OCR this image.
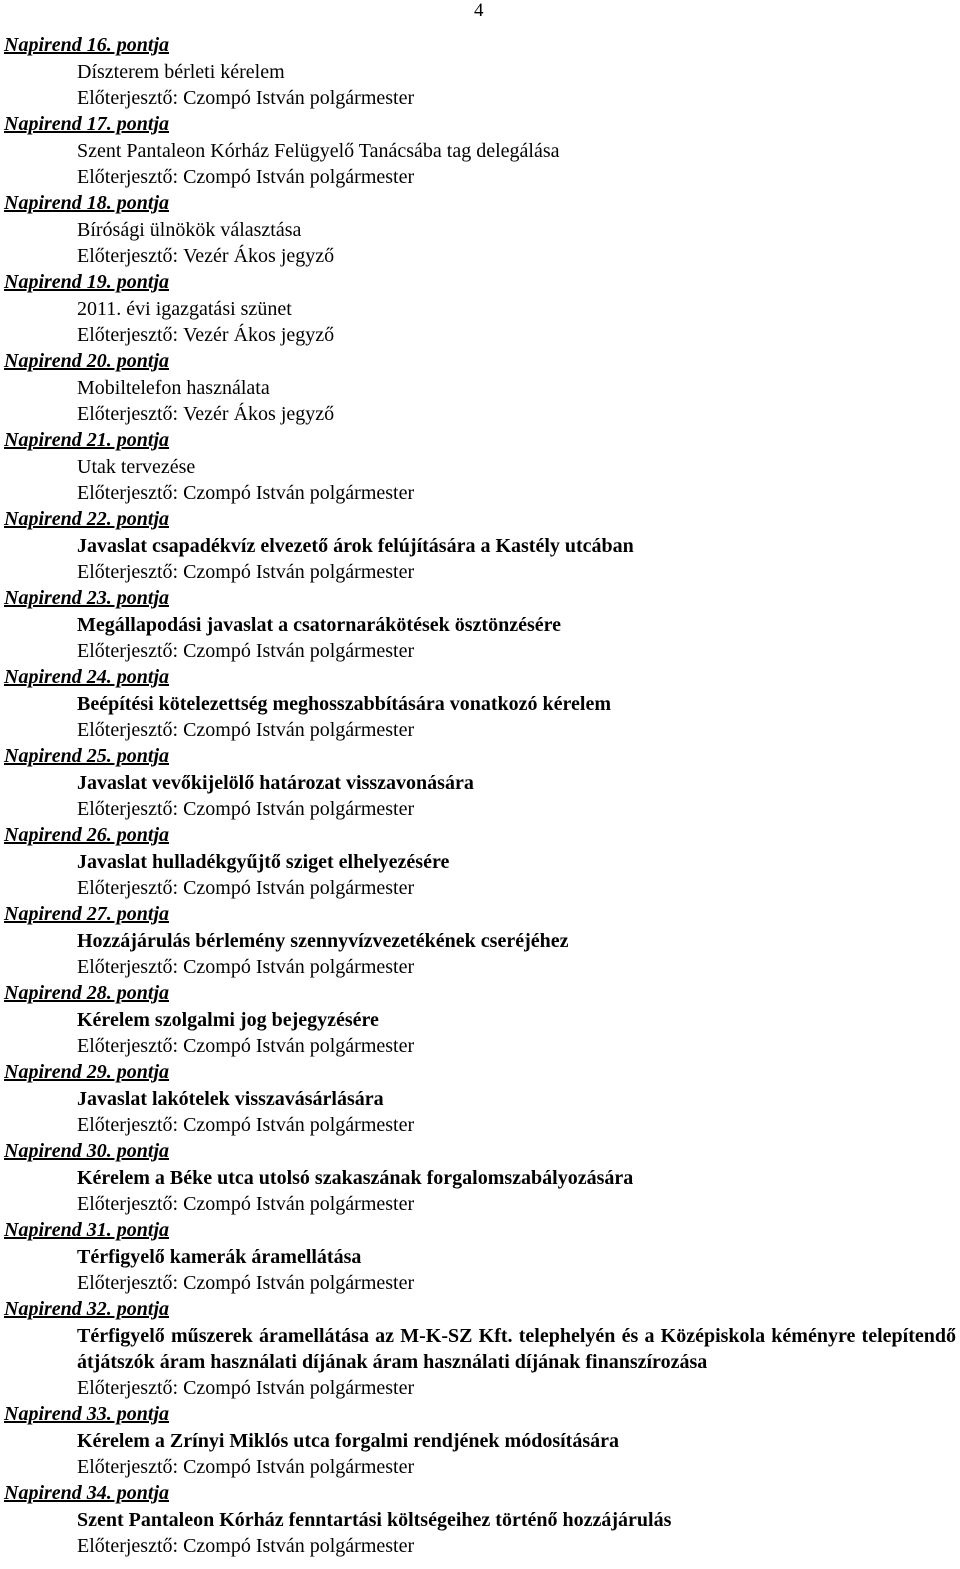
4
Napirend 16. pontja
Díszterem bérleti kérelem
Előterjesztő: Czompó István polgármester
Napirend 17. pontja
Szent Pantaleon Kórház Felügyelő Tanácsába tag delegálása
Előterjesztő: Czompó István polgármester
Napirend 18. pontja
Bírósági ülnökök választása
Előterjesztő: Vezér Ákos jegyző
Napirend 19. pontja
2011. évi igazgatási szünet
Előterjesztő: Vezér Ákos jegyző
Napirend 20. pontja
Mobiltelefon használata
Előterjesztő: Vezér Ákos jegyző
Napirend 21. pontja
Utak tervezése
Előterjesztő: Czompó István polgármester
Napirend 22. pontja
Javaslat csapadékvíz elvezető árok felújítására a Kastély utcában
Előterjesztő: Czompó István polgármester
Napirend 23. pontja
Megállapodási javaslat a csatornarákötések ösztönzésére
Előterjesztő: Czompó István polgármester
Napirend 24. pontja
Beépítési kötelezettség meghosszabbítására vonatkozó kérelem
Előterjesztő: Czompó István polgármester
Napirend 25. pontja
Javaslat vevőkijelölő határozat visszavonására
Előterjesztő: Czompó István polgármester
Napirend 26. pontja
Javaslat hulladékgyűjtő sziget elhelyezésére
Előterjesztő: Czompó István polgármester
Napirend 27. pontja
Hozzájárulás bérlemény szennyvízvezetékének cseréjéhez
Előterjesztő: Czompó István polgármester
Napirend 28. pontja
Kérelem szolgalmi jog bejegyzésére
Előterjesztő: Czompó István polgármester
Napirend 29. pontja
Javaslat lakótelek visszavásárlására
Előterjesztő: Czompó István polgármester
Napirend 30. pontja
Kérelem a Béke utca utolsó szakaszának forgalomszabályozására
Előterjesztő: Czompó István polgármester
Napirend 31. pontja
Térfigyelő kamerák áramellátása
Előterjesztő: Czompó István polgármester
Napirend 32. pontja
Térfigyelő műszerek áramellátása az M-K-SZ Kft. telephelyén és a Középiskola kéményre telepítendő átjátszók áram használati díjának áram használati díjának finanszírozása
Előterjesztő: Czompó István polgármester
Napirend 33. pontja
Kérelem a Zrínyi Miklós utca forgalmi rendjének módosítására
Előterjesztő: Czompó István polgármester
Napirend 34. pontja
Szent Pantaleon Kórház fenntartási költségeihez történő hozzájárulás
Előterjesztő: Czompó István polgármester
